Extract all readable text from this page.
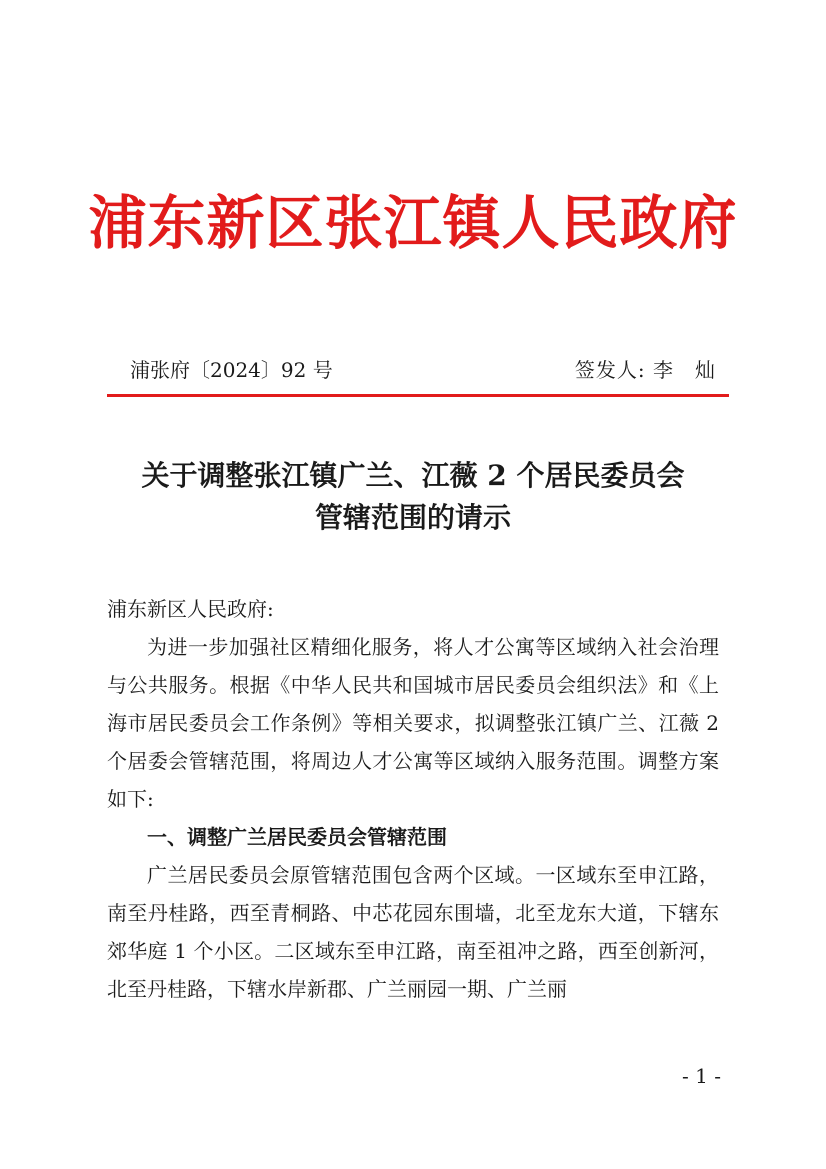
浦东新区张江镇人民政府
浦张府〔2024〕92 号	签发人: 李　灿
关于调整张江镇广兰、江薇 2 个居民委员会
管辖范围的请示

浦东新区人民政府:

为进一步加强社区精细化服务，将人才公寓等区域纳入社会治理与公共服务。根据《中华人民共和国城市居民委员会组织法》和《上海市居民委员会工作条例》等相关要求，拟调整张江镇广兰、江薇 2 个居委会管辖范围，将周边人才公寓等区域纳入服务范围。调整方案如下:

一、调整广兰居民委员会管辖范围

广兰居民委员会原管辖范围包含两个区域。一区域东至申江路，南至丹桂路，西至青桐路、中芯花园东围墙，北至龙东大道，下辖东郊华庭 1 个小区。二区域东至申江路，南至祖冲之路，西至创新河，北至丹桂路，下辖水岸新郡、广兰丽园一期、广兰丽

- 1 -
